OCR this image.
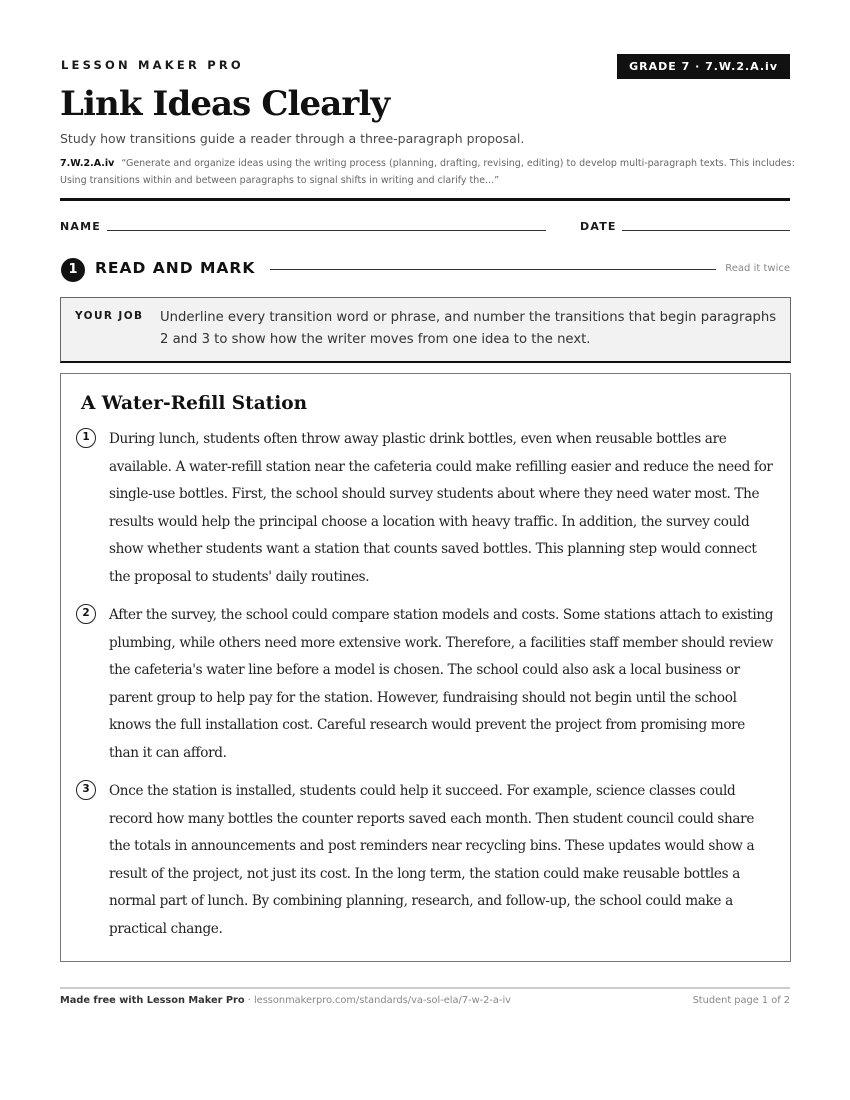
LESSON MAKER PRO	GRADE 7 · 7.W.2.A.iv
Link Ideas Clearly
Study how transitions guide a reader through a three-paragraph proposal.
7.W.2.A.iv “Generate and organize ideas using the writing process (planning, drafting, revising, editing) to develop multi-paragraph texts. This includes: Using transitions within and between paragraphs to signal shifts in writing and clarify the...”
NAME	DATE
1	READ AND MARK	Read it twice
YOUR JOB Underline every transition word or phrase, and number the transitions that begin paragraphs 2 and 3 to show how the writer moves from one idea to the next.
A Water-Refill Station
1	During lunch, students often throw away plastic drink bottles, even when reusable bottles are available. A water-refill station near the cafeteria could make refilling easier and reduce the need for single-use bottles. First, the school should survey students about where they need water most. The results would help the principal choose a location with heavy traffic. In addition, the survey could show whether students want a station that counts saved bottles. This planning step would connect the proposal to students' daily routines.

2	After the survey, the school could compare station models and costs. Some stations attach to existing plumbing, while others need more extensive work. Therefore, a facilities staff member should review the cafeteria's water line before a model is chosen. The school could also ask a local business or parent group to help pay for the station. However, fundraising should not begin until the school knows the full installation cost. Careful research would prevent the project from promising more than it can afford.

3	Once the station is installed, students could help it succeed. For example, science classes could record how many bottles the counter reports saved each month. Then student council could share the totals in announcements and post reminders near recycling bins. These updates would show a result of the project, not just its cost. In the long term, the station could make reusable bottles a normal part of lunch. By combining planning, research, and follow-up, the school could make a practical change.

Made free with Lesson Maker Pro · lessonmakerpro.com/standards/va-sol-ela/7-w-2-a-iv	Student page 1 of 2
